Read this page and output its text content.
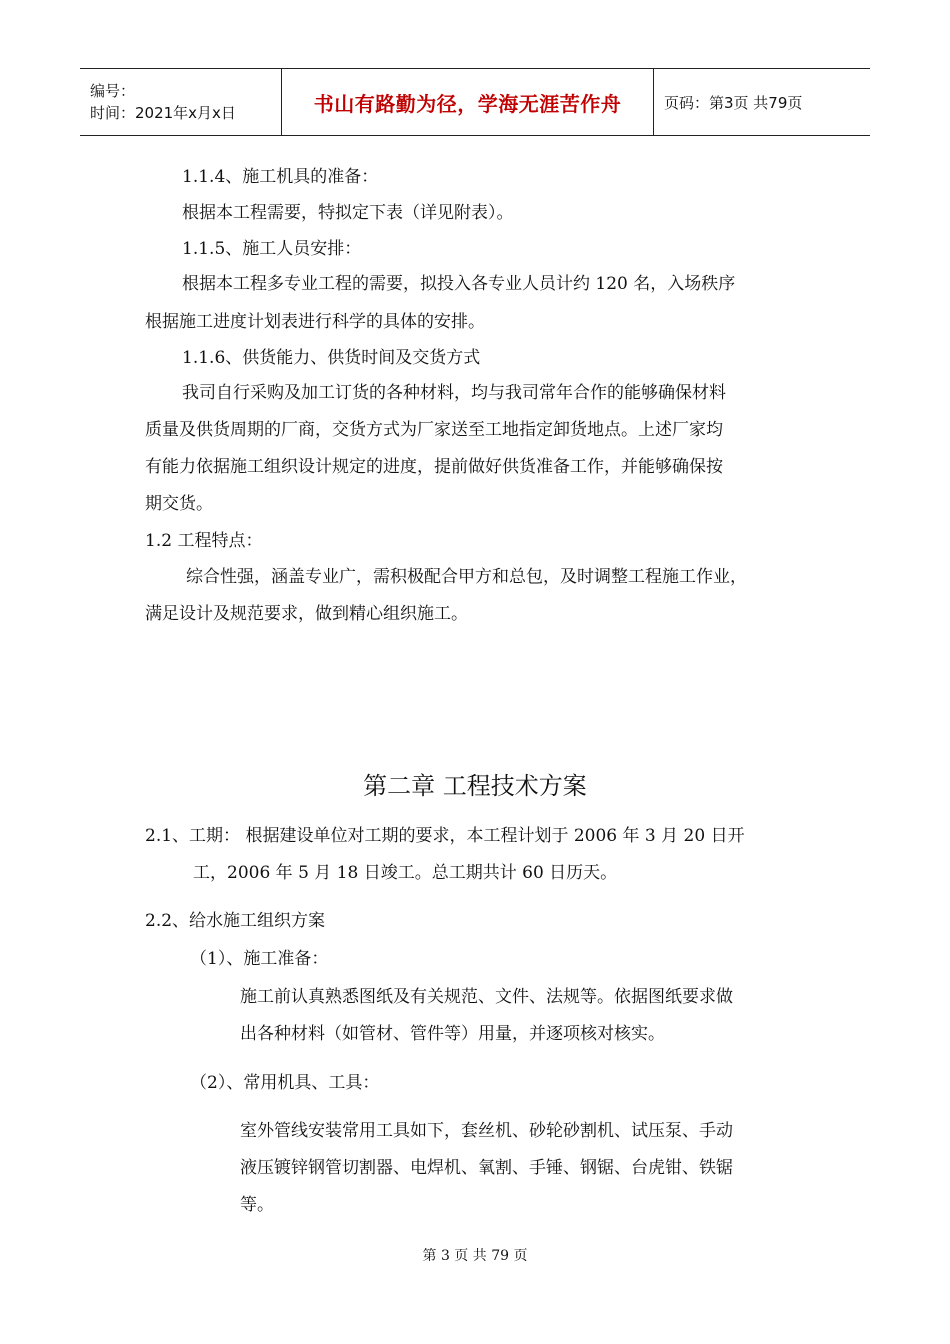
编号：
时间：2021年x月x日	书山有路勤为径，学海无涯苦作舟	页码：第3页 共79页
1.1.4、施工机具的准备：
根据本工程需要，特拟定下表（详见附表）。
1.1.5、施工人员安排：
根据本工程多专业工程的需要，拟投入各专业人员计约 120 名，入场秩序
根据施工进度计划表进行科学的具体的安排。
1.1.6、供货能力、供货时间及交货方式
我司自行采购及加工订货的各种材料，均与我司常年合作的能够确保材料
质量及供货周期的厂商，交货方式为厂家送至工地指定卸货地点。上述厂家均
有能力依据施工组织设计规定的进度，提前做好供货准备工作，并能够确保按
期交货。
1.2 工程特点：
综合性强，涵盖专业广，需积极配合甲方和总包，及时调整工程施工作业，
满足设计及规范要求，做到精心组织施工。
第二章 工程技术方案
2.1、工期： 根据建设单位对工期的要求，本工程计划于 2006 年 3 月 20 日开
工，2006 年 5 月 18 日竣工。总工期共计 60 日历天。
2.2、给水施工组织方案
（1）、施工准备：
施工前认真熟悉图纸及有关规范、文件、法规等。依据图纸要求做
出各种材料（如管材、管件等）用量，并逐项核对核实。
（2）、常用机具、工具：
室外管线安装常用工具如下，套丝机、砂轮砂割机、试压泵、手动
液压镀锌钢管切割器、电焊机、氧割、手锤、钢锯、台虎钳、铁锯
等。
第 3 页 共 79 页
